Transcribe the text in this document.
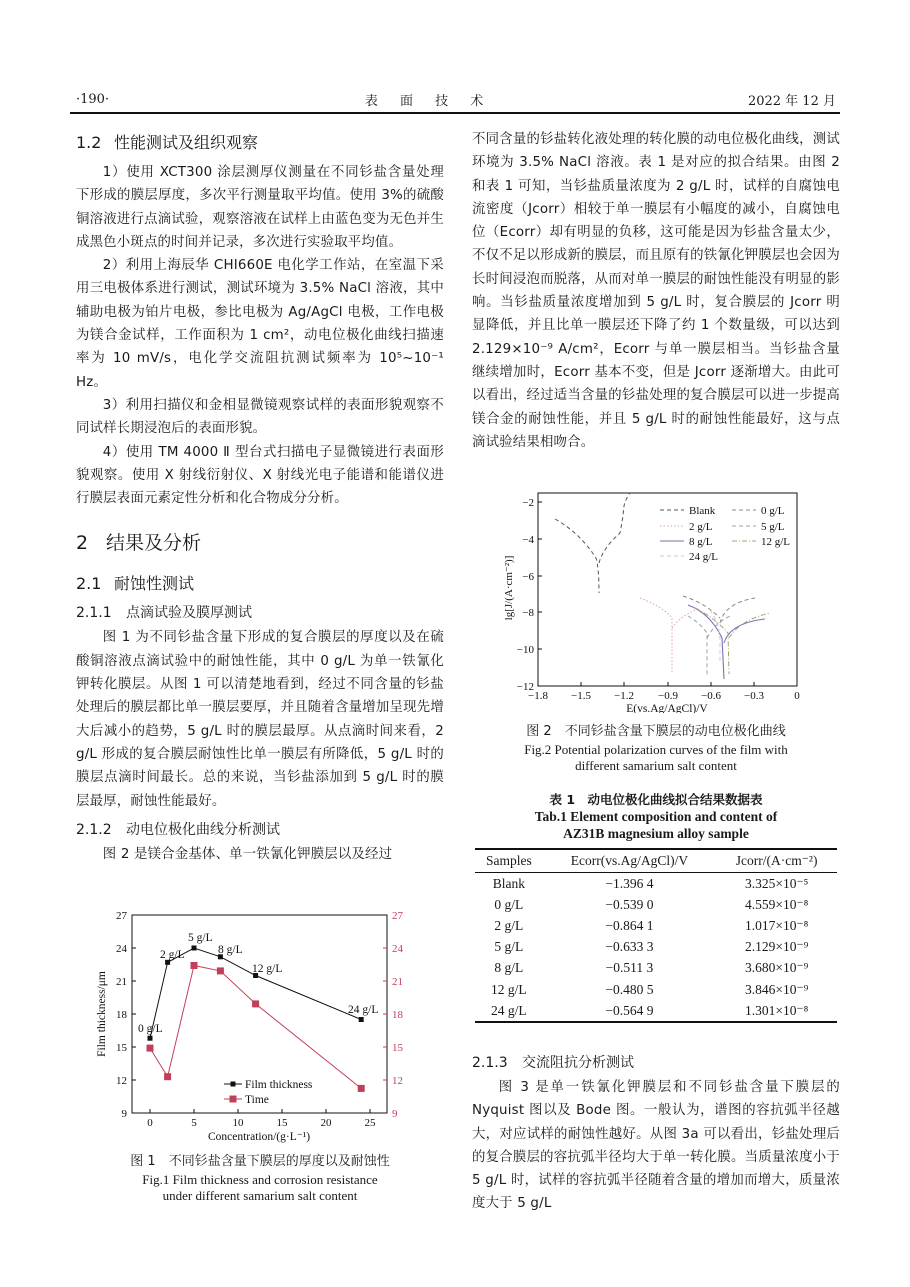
·190·	表 面 技 术	2022 年 12 月
1.2 性能测试及组织观察

1）使用 XCT300 涂层测厚仪测量在不同钐盐含量处理下形成的膜层厚度，多次平行测量取平均值。使用 3%的硫酸铜溶液进行点滴试验，观察溶液在试样上由蓝色变为无色并生成黑色小斑点的时间并记录，多次进行实验取平均值。

2）利用上海辰华 CHI660E 电化学工作站，在室温下采用三电极体系进行测试，测试环境为 3.5% NaCl 溶液，其中辅助电极为铂片电极，参比电极为 Ag/AgCl 电极，工作电极为镁合金试样，工作面积为 1 cm²，动电位极化曲线扫描速率为 10 mV/s，电化学交流阻抗测试频率为 10⁵~10⁻¹ Hz。

3）利用扫描仪和金相显微镜观察试样的表面形貌观察不同试样长期浸泡后的表面形貌。

4）使用 TM 4000 Ⅱ 型台式扫描电子显微镜进行表面形貌观察。使用 X 射线衍射仪、X 射线光电子能谱和能谱仪进行膜层表面元素定性分析和化合物成分分析。

2 结果及分析
2.1 耐蚀性测试
2.1.1 点滴试验及膜厚测试

图 1 为不同钐盐含量下形成的复合膜层的厚度以及在硫酸铜溶液点滴试验中的耐蚀性能，其中 0 g/L 为单一铁氰化钾转化膜层。从图 1 可以清楚地看到，经过不同含量的钐盐处理后的膜层都比单一膜层要厚，并且随着含量增加呈现先增大后减小的趋势，5 g/L 时的膜层最厚。从点滴时间来看，2 g/L 形成的复合膜层耐蚀性比单一膜层有所降低，5 g/L 时的膜层点滴时间最长。总的来说，当钐盐添加到 5 g/L 时的膜层最厚，耐蚀性能最好。

2.1.2 动电位极化曲线分析测试

图 2 是镁合金基体、单一铁氰化钾膜层以及经过

9
12
15
18
21
24
27
9
12
15
18
21
24
27
0	5	10	15	20	25
Concentration/(g·L⁻¹)
Film thickness/μm	0 g/L
2 g/L
5 g/L
8 g/L
12 g/L
24 g/L
Film thickness
Time
图 1　不同钐盐含量下膜层的厚度以及耐蚀性
Fig.1 Film thickness and corrosion resistance
under different samarium salt content

不同含量的钐盐转化液处理的转化膜的动电位极化曲线，测试环境为 3.5% NaCl 溶液。表 1 是对应的拟合结果。由图 2 和表 1 可知，当钐盐质量浓度为 2 g/L 时，试样的自腐蚀电流密度（Jcorr）相较于单一膜层有小幅度的减小，自腐蚀电位（Ecorr）却有明显的负移，这可能是因为钐盐含量太少，不仅不足以形成新的膜层，而且原有的铁氰化钾膜层也会因为长时间浸泡而脱落，从而对单一膜层的耐蚀性能没有明显的影响。当钐盐质量浓度增加到 5 g/L 时，复合膜层的 Jcorr 明显降低，并且比单一膜层还下降了约 1 个数量级，可以达到 2.129×10⁻⁹ A/cm²，Ecorr 与单一膜层相当。当钐盐含量继续增加时，Ecorr 基本不变，但是 Jcorr 逐渐增大。由此可以看出，经过适当含量的钐盐处理的复合膜层可以进一步提高镁合金的耐蚀性能，并且 5 g/L 时的耐蚀性能最好，这与点滴试验结果相吻合。

−12
−10
−8
−6
−4
−2
−1.8 −1.5 −1.2 −0.9 −0.6 −0.3	0
E(vs.Ag/AgCl)/V
lg[J/(A·cm⁻²)]
Blank	0 g/L
2 g/L	5 g/L
8 g/L	12 g/L
24 g/L
图 2　不同钐盐含量下膜层的动电位极化曲线
Fig.2 Potential polarization curves of the film with
different samarium salt content
表 1　动电位极化曲线拟合结果数据表
Tab.1 Element composition and content of
AZ31B magnesium alloy sample
Samples	Ecorr(vs.Ag/AgCl)/V	Jcorr/(A·cm⁻²)
Blank	−1.396 4	3.325×10⁻⁵
0 g/L	−0.539 0	4.559×10⁻⁸
2 g/L	−0.864 1	1.017×10⁻⁸
5 g/L	−0.633 3	2.129×10⁻⁹
8 g/L	−0.511 3	3.680×10⁻⁹
12 g/L	−0.480 5	3.846×10⁻⁹
24 g/L	−0.564 9	1.301×10⁻⁸
2.1.3 交流阻抗分析测试

图 3 是单一铁氰化钾膜层和不同钐盐含量下膜层的 Nyquist 图以及 Bode 图。一般认为，谱图的容抗弧半径越大，对应试样的耐蚀性越好。从图 3a 可以看出，钐盐处理后的复合膜层的容抗弧半径均大于单一转化膜。当质量浓度小于 5 g/L 时，试样的容抗弧半径随着含量的增加而增大，质量浓度大于 5 g/L
